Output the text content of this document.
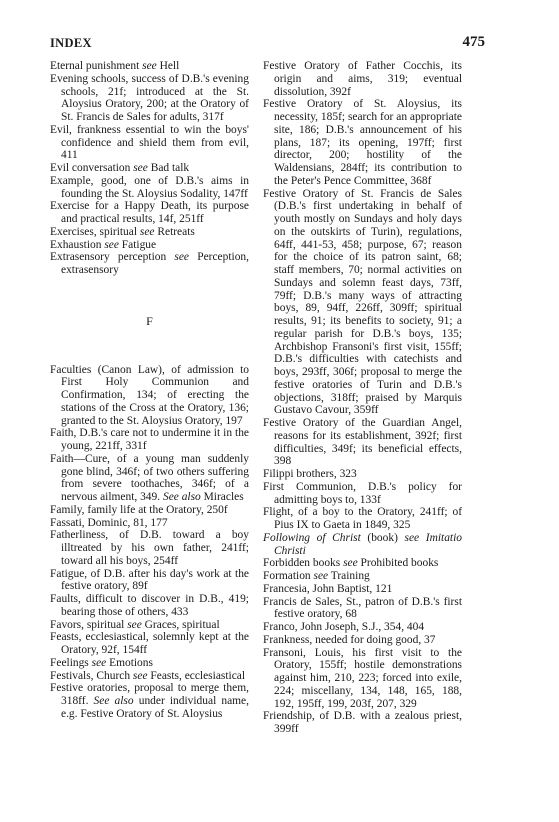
INDEX	475
Eternal punishment see Hell
Evening schools, success of D.B.'s evening schools, 21f; introduced at the St. Aloysius Oratory, 200; at the Oratory of St. Francis de Sales for adults, 317f
Evil, frankness essential to win the boys' confidence and shield them from evil, 411
Evil conversation see Bad talk
Example, good, one of D.B.'s aims in founding the St. Aloysius Sodality, 147ff
Exercise for a Happy Death, its purpose and practical results, 14f, 251ff
Exercises, spiritual see Retreats
Exhaustion see Fatigue
Extrasensory perception see Perception, extrasensory
F
Faculties (Canon Law), of admission to First Holy Communion and Confirmation, 134; of erecting the stations of the Cross at the Oratory, 136; granted to the St. Aloysius Oratory, 197
Faith, D.B.'s care not to undermine it in the young, 221ff, 331f
Faith—Cure, of a young man suddenly gone blind, 346f; of two others suffering from severe toothaches, 346f; of a nervous ailment, 349. See also Miracles
Family, family life at the Oratory, 250f
Fassati, Dominic, 81, 177
Fatherliness, of D.B. toward a boy illtreated by his own father, 241ff; toward all his boys, 254ff
Fatigue, of D.B. after his day's work at the festive oratory, 89f
Faults, difficult to discover in D.B., 419; bearing those of others, 433
Favors, spiritual see Graces, spiritual
Feasts, ecclesiastical, solemnly kept at the Oratory, 92f, 154ff
Feelings see Emotions
Festivals, Church see Feasts, ecclesiastical
Festive oratories, proposal to merge them, 318ff. See also under individual name, e.g. Festive Oratory of St. Aloysius
Festive Oratory of Father Cocchis, its origin and aims, 319; eventual dissolution, 392f
Festive Oratory of St. Aloysius, its necessity, 185f; search for an appropriate site, 186; D.B.'s announcement of his plans, 187; its opening, 197ff; first director, 200; hostility of the Waldensians, 284ff; its contribution to the Peter's Pence Committee, 368f
Festive Oratory of St. Francis de Sales (D.B.'s first undertaking in behalf of youth mostly on Sundays and holy days on the outskirts of Turin), regulations, 64ff, 441-53, 458; purpose, 67; reason for the choice of its patron saint, 68; staff members, 70; normal activities on Sundays and solemn feast days, 73ff, 79ff; D.B.'s many ways of attracting boys, 89, 94ff, 226ff, 309ff; spiritual results, 91; its benefits to society, 91; a regular parish for D.B.'s boys, 135; Archbishop Fransoni's first visit, 155ff; D.B.'s difficulties with catechists and boys, 293ff, 306f; proposal to merge the festive oratories of Turin and D.B.'s objections, 318ff; praised by Marquis Gustavo Cavour, 359ff
Festive Oratory of the Guardian Angel, reasons for its establishment, 392f; first difficulties, 349f; its beneficial effects, 398
Filippi brothers, 323
First Communion, D.B.'s policy for admitting boys to, 133f
Flight, of a boy to the Oratory, 241ff; of Pius IX to Gaeta in 1849, 325
Following of Christ (book) see Imitatio Christi
Forbidden books see Prohibited books
Formation see Training
Francesia, John Baptist, 121
Francis de Sales, St., patron of D.B.'s first festive oratory, 68
Franco, John Joseph, S.J., 354, 404
Frankness, needed for doing good, 37
Fransoni, Louis, his first visit to the Oratory, 155ff; hostile demonstrations against him, 210, 223; forced into exile, 224; miscellany, 134, 148, 165, 188, 192, 195ff, 199, 203f, 207, 329
Friendship, of D.B. with a zealous priest, 399ff
